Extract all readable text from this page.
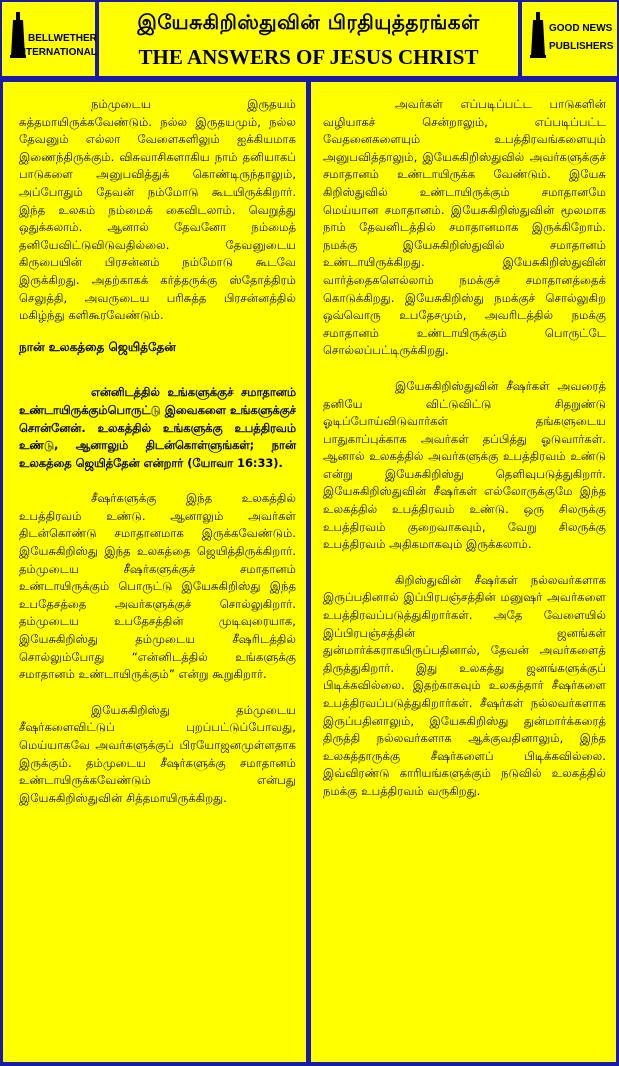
BELLWETHER
INTERNATIONAL
இயேசுகிறிஸ்துவின் பிரதியுத்தரங்கள்
THE ANSWERS OF JESUS CHRIST
GOOD NEWS
PUBLISHERS

நம்முடைய இருதயம் சுத்தமாயிருக்கவேண்டும். நல்ல இருதயமும், நல்ல தேவனும் எல்லா வேளைகளிலும் ஐக்கியமாக இணைந்திருக்கும். விசுவாசிகளாகிய நாம் தனியாகப் பாடுகளை அனுபவித்துக் கொண்டிருந்தாலும், அப்போதும் தேவன் நம்மோடு கூடயிருக்கிறார். இந்த உலகம் நம்மைக் கைவிடலாம். வெறுத்து ஒதுக்கலாம். ஆனால் தேவனோ நம்மைத் தனியேவிட்டுவிடுவதில்லை. தேவனுடைய கிருபையின் பிரசன்னம் நம்மோடு கூடவே இருக்கிறது. அதற்காகக் கர்த்தருக்கு ஸ்தோத்திரம் செலுத்தி, அவருடைய பரிசுத்த பிரசன்னத்தில் மகிழ்ந்து களிகூரவேண்டும்.

நான் உலகத்தை ஜெயித்தேன்

என்னிடத்தில் உங்களுக்குச் சமாதானம் உண்டாயிருக்கும்பொருட்டு இவைகளை உங்களுக்குச் சொன்னேன். உலகத்தில் உங்களுக்கு உபத்திரவம் உண்டு, ஆனாலும் திடன்கொள்ளுங்கள்; நான் உலகத்தை ஜெயித்தேன் என்றார் (யோவா 16:33).

சீஷர்களுக்கு இந்த உலகத்தில் உபத்திரவம் உண்டு. ஆனாலும் அவர்கள் திடன்கொண்டு சமாதானமாக இருக்கவேண்டும். இயேசுகிறிஸ்து இந்த உலகத்தை ஜெயித்திருக்கிறார். தம்முடைய சீஷர்களுக்குச் சமாதானம் உண்டாயிருக்கும் பொருட்டு இயேசுகிறிஸ்து இந்த உபதேசத்தை அவர்களுக்குச் சொல்லுகிறார். தம்முடைய உபதேசத்தின் முடிவுரையாக, இயேசுகிறிஸ்து தம்முடைய சீஷரிடத்தில் சொல்லும்போது “என்னிடத்தில் உங்களுக்கு சமாதானம் உண்டாயிருக்கும்” என்று கூறுகிறார்.

இயேசுகிறிஸ்து தம்முடைய சீஷர்களைவிட்டுப் புறப்பட்டுப்போவது, மெய்யாகவே அவர்களுக்குப் பிரயோஜனமுள்ளதாக இருக்கும். தம்முடைய சீஷர்களுக்கு சமாதானம் உண்டாயிருக்கவேண்டும் என்பது இயேசுகிறிஸ்துவின் சித்தமாயிருக்கிறது.

அவர்கள் எப்படிப்பட்ட பாடுகளின் வழியாகச் சென்றாலும், எப்படிப்பட்ட வேதனைகளையும் உபத்திரவங்களையும் அனுபவித்தாலும், இயேசுகிறிஸ்துவில் அவர்களுக்குச் சமாதானம் உண்டாயிருக்க வேண்டும். இயேசு கிறிஸ்துவில் உண்டாயிருக்கும் சமாதானமே மெய்யான சமாதானம். இயேசுகிறிஸ்துவின் மூலமாக நாம் தேவனிடத்தில் சமாதானமாக இருக்கிறோம். நமக்கு இயேசுகிறிஸ்துவில் சமாதானம் உண்டாயிருக்கிறது. இயேசுகிறிஸ்துவின் வார்த்தைகளெல்லாம் நமக்குச் சமாதானத்தைக் கொடுக்கிறது. இயேசுகிறிஸ்து நமக்குச் சொல்லுகிற ஒவ்வொரு உபதேசமும், அவரிடத்தில் நமக்கு சமாதானம் உண்டாயிருக்கும் பொருட்டே சொல்லப்பட்டிருக்கிறது.

இயேசுகிறிஸ்துவின் சீஷர்கள் அவரைத் தனியே விட்டுவிட்டு சிதறுண்டு ஓடிப்போய்விடுவார்கள் தங்களுடைய பாதுகாப்புக்காக அவர்கள் தப்பித்து ஓடுவார்கள். ஆனால் உலகத்தில் அவர்களுக்கு உபத்திரவம் உண்டு என்று இயேசுகிறிஸ்து தெளிவுபடுத்துகிறார். இயேசுகிறிஸ்துவின் சீஷர்கள் எல்லோருக்குமே இந்த உலகத்தில் உபத்திரவம் உண்டு. ஒரு சிலருக்கு உபத்திரவம் குறைவாகவும், வேறு சிலருக்கு உபத்திரவம் அதிகமாகவும் இருக்கலாம்.

கிறிஸ்துவின் சீஷர்கள் நல்லவர்களாக இருப்பதினால் இப்பிரபஞ்சத்தின் மனுஷர் அவர்களை உபத்திரவப்படுத்துகிறார்கள். அதே வேளையில் இப்பிரபஞ்சத்தின் ஜனங்கள் துன்மார்க்கராகயிருப்பதினால், தேவன் அவர்களைத் திருத்துகிறார். இது உலகத்து ஜனங்களுக்குப் பிடிக்கவில்லை. இதற்காகவும் உலகத்தார் சீஷர்களை உபத்திரவப்படுத்துகிறார்கள். சீஷர்கள் நல்லவர்களாக இருப்பதினாலும், இயேசுகிறிஸ்து துன்மார்க்கரைத் திருத்தி நல்லவர்களாக ஆக்குவதினாலும், இந்த உலகத்தாருக்கு சீஷர்களைப் பிடிக்கவில்லை. இவ்விரண்டு காரியங்களுக்கும் நடுவில் உலகத்தில் நமக்கு உபத்திரவம் வருகிறது.
